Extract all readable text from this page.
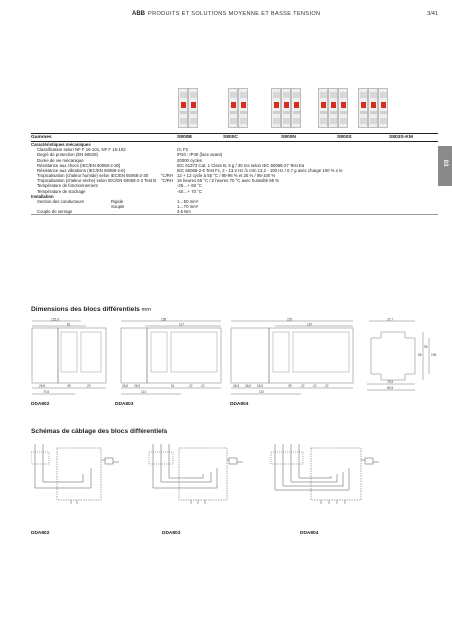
ABB PRODUITS ET SOLUTIONS MOYENNE ET BASSE TENSION	3/41
03
Gammes		S800B	S800C	S800N	S800S	S803S-KM
Caractéristiques mécaniques						
Classification selon NF F 16-101, NF F 16-102		I3, F2				
Degré de protection (EN 60529)		IP20 ; IP40 (face avant)				
Durée de vie mécanique		20000 cycles				
Résistance aux chocs (IEC/EN 60068-2-30)		IEC 61373 Cat. 1 Class B, 5 g / 30 ms selon IEC 60068-27 Test Ea				
Résistance aux vibrations (IEC/EN 60068-2-6)		IEC 60068-2-6 Test Fc, 2 - 13.2 Hz /1 mm 13,2 - 100 Hz / 0,7 g avec charge 100 % x Ie				
Tropicalisation (chaleur humide) selon IEC/EN 60068-2-30	°C/RH	12 + 12 cycle à 55 °C / 90-96 % et 25 % / 95-100 %				
Tropicalisation (chaleur sèche) selon IEC/EN 60068-2-2 Test B	°C/RH	16 heures 55 °C / 2 heures 70 °C avec humidité 55 %				
Température de fonctionnement		-25…+ 60 °C				
Température de stockage		-40…+ 70 °C				
Installation						
Section des conducteurs Rigide		1…50 mm²				
Souple		1…70 mm²				
Couple de serrage		3.5 Nm				
Dimensions des blocs différentiels mm
125,5
81
158
117
220
167
37,7
26,5	49	20	26,5 26,5	61	22	22	26,5 26,5 26,5	39	22	22	22
75,5
80,5
70,5	113	167
85
95
195
DDA802	DDA803	DDA804
Schémas de câblage des blocs différentiels
DDA802	DDA803	DDA804
